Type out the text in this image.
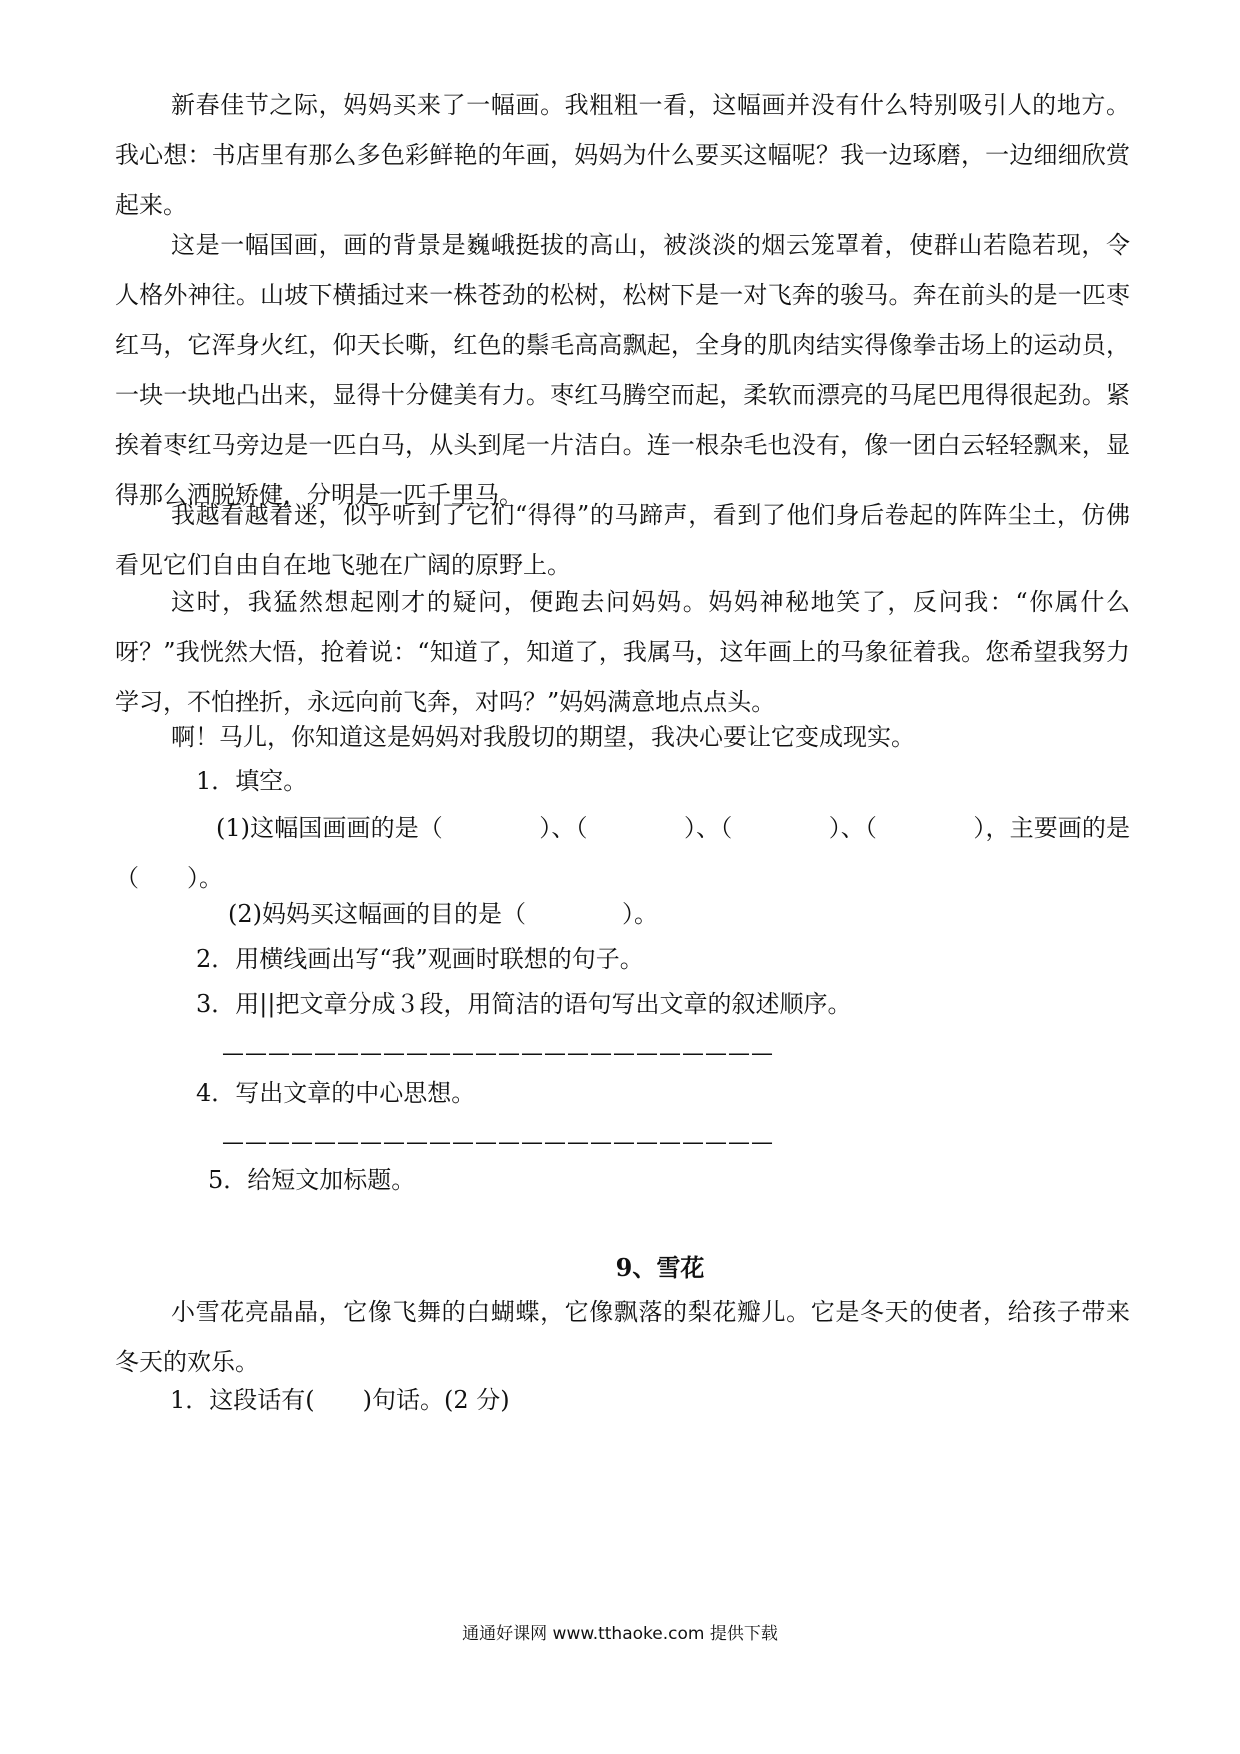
新春佳节之际，妈妈买来了一幅画。我粗粗一看，这幅画并没有什么特别吸引人的地方。我心想：书店里有那么多色彩鲜艳的年画，妈妈为什么要买这幅呢？我一边琢磨，一边细细欣赏起来。

这是一幅国画，画的背景是巍峨挺拔的高山，被淡淡的烟云笼罩着，使群山若隐若现，令人格外神往。山坡下横插过来一株苍劲的松树，松树下是一对飞奔的骏马。奔在前头的是一匹枣红马，它浑身火红，仰天长嘶，红色的鬃毛高高飘起，全身的肌肉结实得像拳击场上的运动员，一块一块地凸出来，显得十分健美有力。枣红马腾空而起，柔软而漂亮的马尾巴甩得很起劲。紧挨着枣红马旁边是一匹白马，从头到尾一片洁白。连一根杂毛也没有，像一团白云轻轻飘来，显得那么洒脱矫健，分明是一匹千里马。

我越看越着迷，似乎听到了它们“得得”的马蹄声，看到了他们身后卷起的阵阵尘土，仿佛看见它们自由自在地飞驰在广阔的原野上。

这时，我猛然想起刚才的疑问，便跑去问妈妈。妈妈神秘地笑了，反问我：“你属什么呀？”我恍然大悟，抢着说：“知道了，知道了，我属马，这年画上的马象征着我。您希望我努力学习，不怕挫折，永远向前飞奔，对吗？”妈妈满意地点点头。

啊！马儿，你知道这是妈妈对我殷切的期望，我决心要让它变成现实。

1．填空。

(1)这幅国画画的是（　　　　）、（　　　　）、（　　　　）、（　　　　），主要画的是（　　）。

(2)妈妈买这幅画的目的是（　　　　）。

2．用横线画出写“我”观画时联想的句子。

3．用||把文章分成３段，用简洁的语句写出文章的叙述顺序。

————————————————————————

4．写出文章的中心思想。

————————————————————————

5．给短文加标题。

9、雪花

小雪花亮晶晶，它像飞舞的白蝴蝶，它像飘落的梨花瓣儿。它是冬天的使者，给孩子带来冬天的欢乐。

1．这段话有(　　)句话。(2 分)

通通好课网 www.tthaoke.com 提供下载
